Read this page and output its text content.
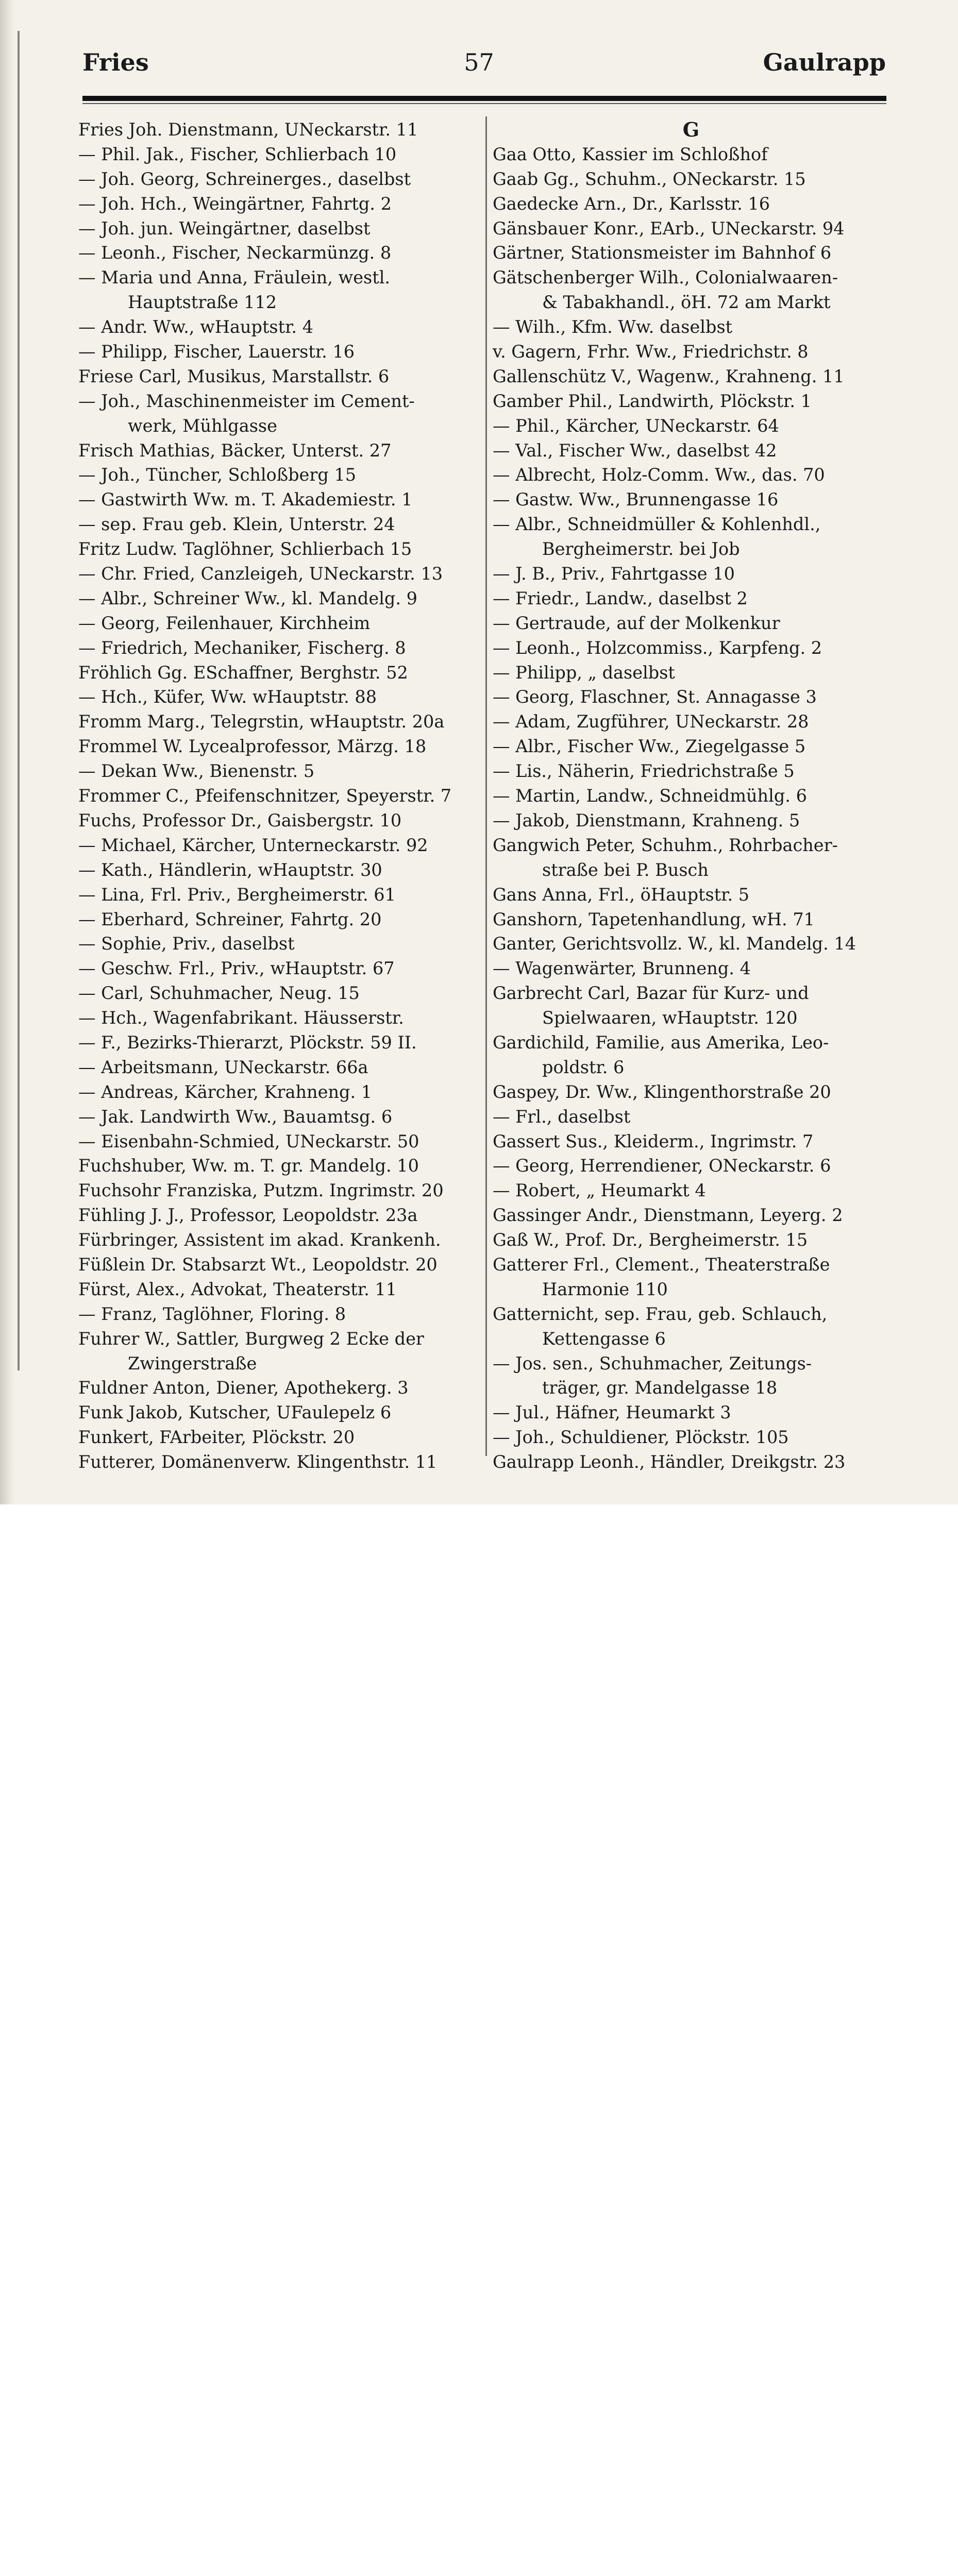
Fries	57	Gaulrapp
Fries Joh. Dienstmann, UNeckarstr. 11
— Phil. Jak., Fischer, Schlierbach 10
— Joh. Georg, Schreinerges., daselbst
— Joh. Hch., Weingärtner, Fahrtg. 2
— Joh. jun. Weingärtner, daselbst
— Leonh., Fischer, Neckarmünzg. 8
— Maria und Anna, Fräulein, westl.
Hauptstraße 112
— Andr. Ww., wHauptstr. 4
— Philipp, Fischer, Lauerstr. 16
Friese Carl, Musikus, Marstallstr. 6
— Joh., Maschinenmeister im Cement-
werk, Mühlgasse
Frisch Mathias, Bäcker, Unterst. 27
— Joh., Tüncher, Schloßberg 15
— Gastwirth Ww. m. T. Akademiestr. 1
— sep. Frau geb. Klein, Unterstr. 24
Fritz Ludw. Taglöhner, Schlierbach 15
— Chr. Fried, Canzleigeh, UNeckarstr. 13
— Albr., Schreiner Ww., kl. Mandelg. 9
— Georg, Feilenhauer, Kirchheim
— Friedrich, Mechaniker, Fischerg. 8
Fröhlich Gg. ESchaffner, Berghstr. 52
— Hch., Küfer, Ww. wHauptstr. 88
Fromm Marg., Telegrstin, wHauptstr. 20a
Frommel W. Lycealprofessor, Märzg. 18
— Dekan Ww., Bienenstr. 5
Frommer C., Pfeifenschnitzer, Speyerstr. 7
Fuchs, Professor Dr., Gaisbergstr. 10
— Michael, Kärcher, Unterneckarstr. 92
— Kath., Händlerin, wHauptstr. 30
— Lina, Frl. Priv., Bergheimerstr. 61
— Eberhard, Schreiner, Fahrtg. 20
— Sophie, Priv., daselbst
— Geschw. Frl., Priv., wHauptstr. 67
— Carl, Schuhmacher, Neug. 15
— Hch., Wagenfabrikant. Häusserstr.
— F., Bezirks-Thierarzt, Plöckstr. 59 II.
— Arbeitsmann, UNeckarstr. 66a
— Andreas, Kärcher, Krahneng. 1
— Jak. Landwirth Ww., Bauamtsg. 6
— Eisenbahn-Schmied, UNeckarstr. 50
Fuchshuber, Ww. m. T. gr. Mandelg. 10
Fuchsohr Franziska, Putzm. Ingrimstr. 20
Fühling J. J., Professor, Leopoldstr. 23a
Fürbringer, Assistent im akad. Krankenh.
Füßlein Dr. Stabsarzt Wt., Leopoldstr. 20
Fürst, Alex., Advokat, Theaterstr. 11
— Franz, Taglöhner, Floring. 8
Fuhrer W., Sattler, Burgweg 2 Ecke der
Zwingerstraße
Fuldner Anton, Diener, Apothekerg. 3
Funk Jakob, Kutscher, UFaulepelz 6
Funkert, FArbeiter, Plöckstr. 20
Futterer, Domänenverw. Klingenthstr. 11
G
Gaa Otto, Kassier im Schloßhof
Gaab Gg., Schuhm., ONeckarstr. 15
Gaedecke Arn., Dr., Karlsstr. 16
Gänsbauer Konr., EArb., UNeckarstr. 94
Gärtner, Stationsmeister im Bahnhof 6
Gätschenberger Wilh., Colonialwaaren-
& Tabakhandl., öH. 72 am Markt
— Wilh., Kfm. Ww. daselbst
v. Gagern, Frhr. Ww., Friedrichstr. 8
Gallenschütz V., Wagenw., Krahneng. 11
Gamber Phil., Landwirth, Plöckstr. 1
— Phil., Kärcher, UNeckarstr. 64
— Val., Fischer Ww., daselbst 42
— Albrecht, Holz-Comm. Ww., das. 70
— Gastw. Ww., Brunnengasse 16
— Albr., Schneidmüller & Kohlenhdl.,
Bergheimerstr. bei Job
— J. B., Priv., Fahrtgasse 10
— Friedr., Landw., daselbst 2
— Gertraude, auf der Molkenkur
— Leonh., Holzcommiss., Karpfeng. 2
— Philipp, „ daselbst
— Georg, Flaschner, St. Annagasse 3
— Adam, Zugführer, UNeckarstr. 28
— Albr., Fischer Ww., Ziegelgasse 5
— Lis., Näherin, Friedrichstraße 5
— Martin, Landw., Schneidmühlg. 6
— Jakob, Dienstmann, Krahneng. 5
Gangwich Peter, Schuhm., Rohrbacher-
straße bei P. Busch
Gans Anna, Frl., öHauptstr. 5
Ganshorn, Tapetenhandlung, wH. 71
Ganter, Gerichtsvollz. W., kl. Mandelg. 14
— Wagenwärter, Brunneng. 4
Garbrecht Carl, Bazar für Kurz- und
Spielwaaren, wHauptstr. 120
Gardichild, Familie, aus Amerika, Leo-
poldstr. 6
Gaspey, Dr. Ww., Klingenthorstraße 20
— Frl., daselbst
Gassert Sus., Kleiderm., Ingrimstr. 7
— Georg, Herrendiener, ONeckarstr. 6
— Robert, „ Heumarkt 4
Gassinger Andr., Dienstmann, Leyerg. 2
Gaß W., Prof. Dr., Bergheimerstr. 15
Gatterer Frl., Clement., Theaterstraße
Harmonie 110
Gatternicht, sep. Frau, geb. Schlauch,
Kettengasse 6
— Jos. sen., Schuhmacher, Zeitungs-
träger, gr. Mandelgasse 18
— Jul., Häfner, Heumarkt 3
— Joh., Schuldiener, Plöckstr. 105
Gaulrapp Leonh., Händler, Dreikgstr. 23
